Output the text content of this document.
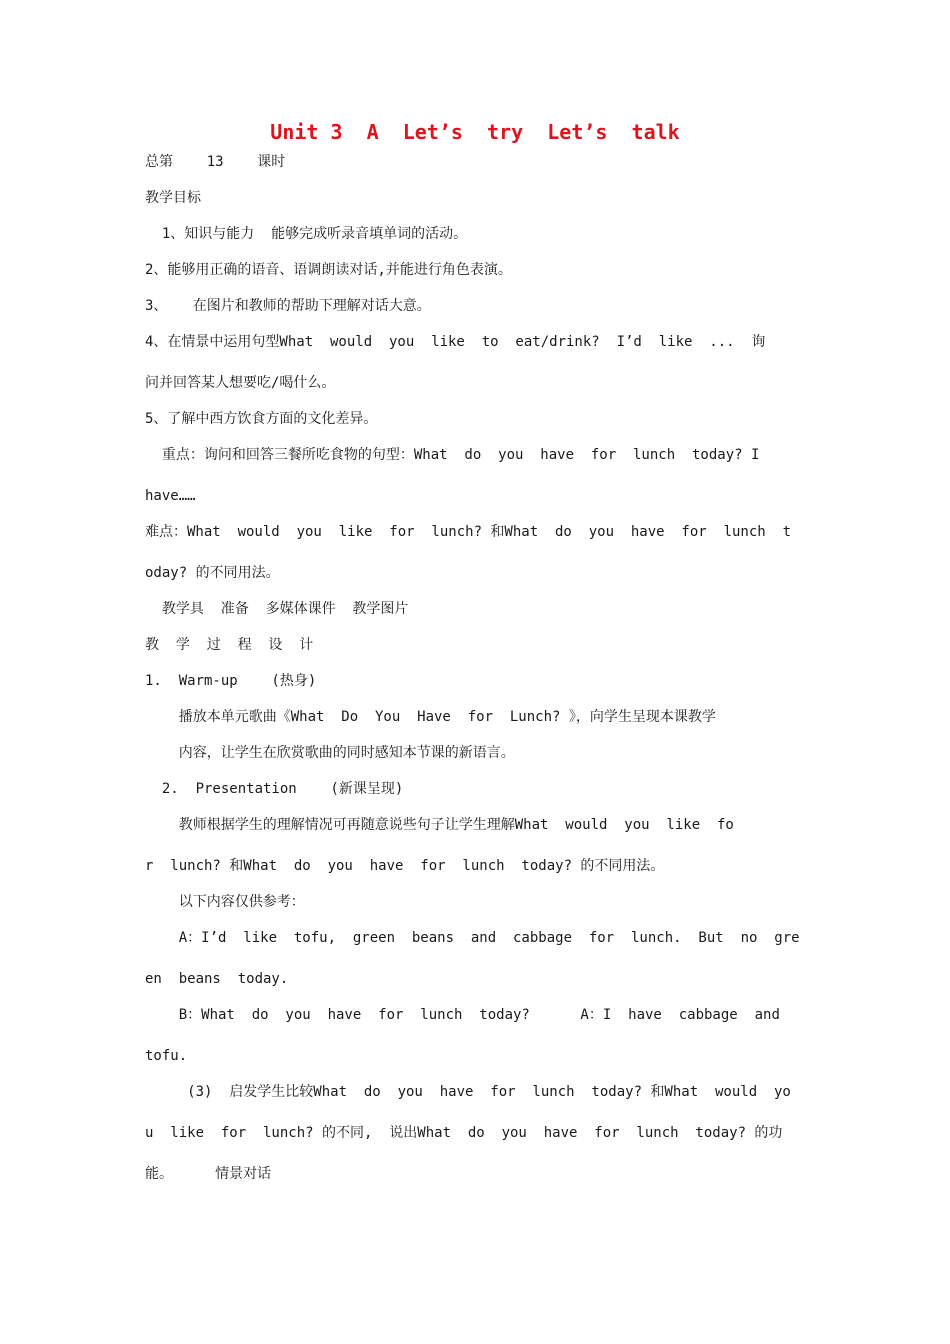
Unit 3  A  Let’s  try  Let’s  talk
总第    13    课时
教学目标
1、知识与能力  能够完成听录音填单词的活动。
2、能够用正确的语音、语调朗读对话,并能进行角色表演。
3、   在图片和教师的帮助下理解对话大意。
4、在情景中运用句型What  would  you  like  to  eat/drink?  I’d  like  ...  询
问并回答某人想要吃/喝什么。
5、了解中西方饮食方面的文化差异。
重点：询问和回答三餐所吃食物的句型：What  do  you  have  for  lunch  today? I
have……
难点：What  would  you  like  for  lunch? 和What  do  you  have  for  lunch  t
oday? 的不同用法。
教学具  准备  多媒体课件  教学图片
教  学  过  程  设  计
1.  Warm-up    (热身)
播放本单元歌曲《What  Do  You  Have  for  Lunch? 》，向学生呈现本课教学
内容，让学生在欣赏歌曲的同时感知本节课的新语言。
2.  Presentation    (新课呈现)
教师根据学生的理解情况可再随意说些句子让学生理解What  would  you  like  fo
r  lunch? 和What  do  you  have  for  lunch  today? 的不同用法。
以下内容仅供参考：
A：I’d  like  tofu,  green  beans  and  cabbage  for  lunch.  But  no  gre
en  beans  today.
B：What  do  you  have  for  lunch  today?      A：I  have  cabbage  and
tofu.
(3)  启发学生比较What  do  you  have  for  lunch  today? 和What  would  yo
u  like  for  lunch? 的不同,  说出What  do  you  have  for  lunch  today? 的功
能。     情景对话
